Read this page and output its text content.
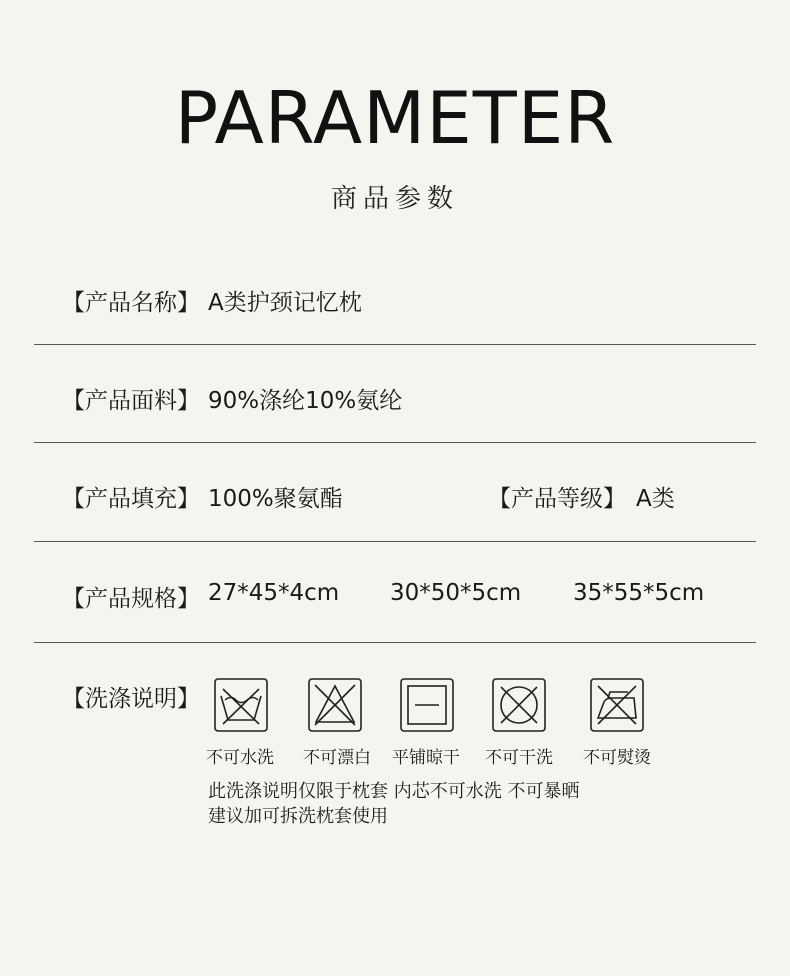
PARAMETER
商品参数
【产品名称】 A类护颈记忆枕
【产品面料】 90%涤纶10%氨纶
【产品填充】 100%聚氨酯	【产品等级】 A类
【产品规格】 27*45*4cm 30*50*5cm 35*55*5cm
【洗涤说明】
不可水洗 不可漂白 平铺晾干 不可干洗 不可熨烫
此洗涤说明仅限于枕套 内芯不可水洗 不可暴晒
建议加可拆洗枕套使用
